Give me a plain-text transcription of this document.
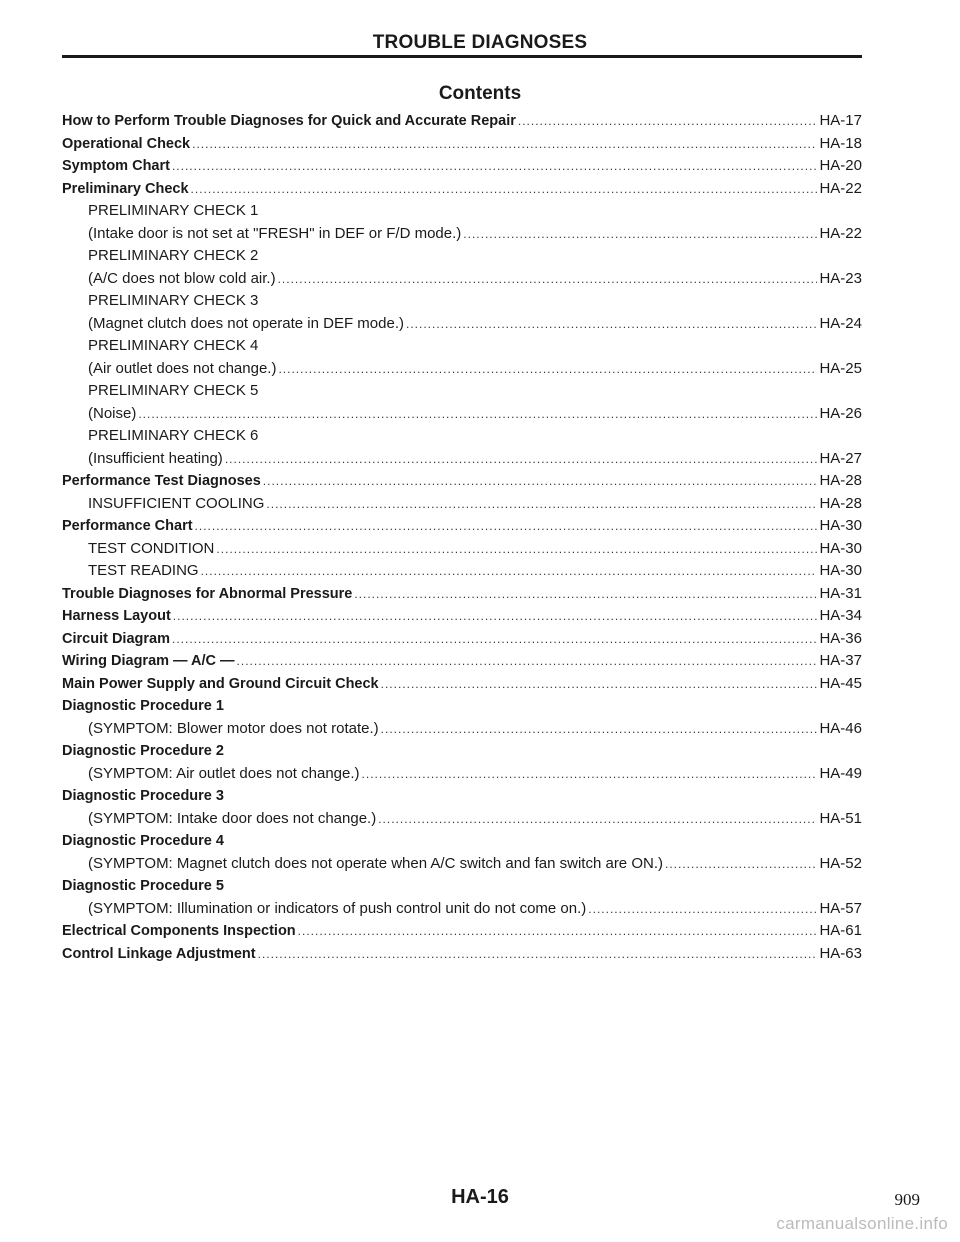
TROUBLE DIAGNOSES
Contents
How to Perform Trouble Diagnoses for Quick and Accurate Repair .....	HA-17
Operational Check .....	HA-18
Symptom Chart .....	HA-20
Preliminary Check .....	HA-22
PRELIMINARY CHECK 1
(Intake door is not set at "FRESH" in DEF or F/D mode.) .....	HA-22
PRELIMINARY CHECK 2
(A/C does not blow cold air.) .....	HA-23
PRELIMINARY CHECK 3
(Magnet clutch does not operate in DEF mode.) .....	HA-24
PRELIMINARY CHECK 4
(Air outlet does not change.) .....	HA-25
PRELIMINARY CHECK 5
(Noise) .....	HA-26
PRELIMINARY CHECK 6
(Insufficient heating) .....	HA-27
Performance Test Diagnoses .....	HA-28
INSUFFICIENT COOLING .....	HA-28
Performance Chart .....	HA-30
TEST CONDITION .....	HA-30
TEST READING .....	HA-30
Trouble Diagnoses for Abnormal Pressure .....	HA-31
Harness Layout .....	HA-34
Circuit Diagram .....	HA-36
Wiring Diagram — A/C — .....	HA-37
Main Power Supply and Ground Circuit Check .....	HA-45
Diagnostic Procedure 1
(SYMPTOM: Blower motor does not rotate.) .....	HA-46
Diagnostic Procedure 2
(SYMPTOM: Air outlet does not change.) .....	HA-49
Diagnostic Procedure 3
(SYMPTOM: Intake door does not change.) .....	HA-51
Diagnostic Procedure 4
(SYMPTOM: Magnet clutch does not operate when A/C switch and fan switch are ON.) .....	HA-52
Diagnostic Procedure 5
(SYMPTOM: Illumination or indicators of push control unit do not come on.) .....	HA-57
Electrical Components Inspection .....	HA-61
Control Linkage Adjustment .....	HA-63
HA-16	909
carmanualsonline.info
